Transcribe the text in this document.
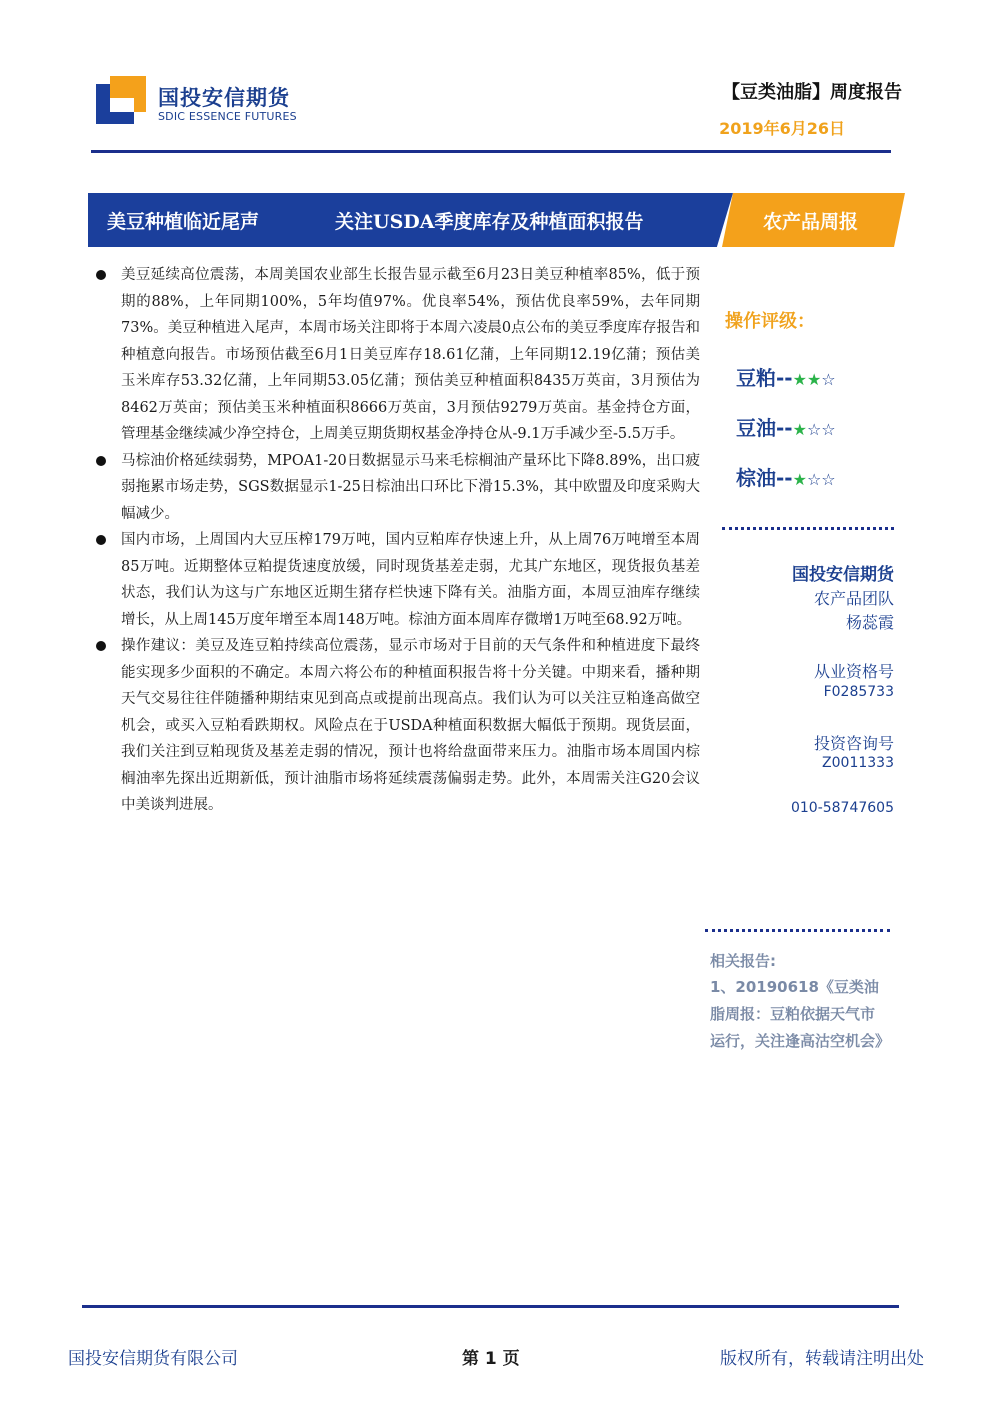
国投安信期货
SDIC ESSENCE FUTURES
【豆类油脂】周度报告
2019年6月26日
美豆种植临近尾声	关注USDA季度库存及种植面积报告	农产品周报
美豆延续高位震荡，本周美国农业部生长报告显示截至6月23日美豆种植率85%，低于预期的88%，上年同期100%，5年均值97%。优良率54%，预估优良率59%，去年同期73%。美豆种植进入尾声，本周市场关注即将于本周六凌晨0点公布的美豆季度库存报告和种植意向报告。市场预估截至6月1日美豆库存18.61亿蒲，上年同期12.19亿蒲；预估美玉米库存53.32亿蒲，上年同期53.05亿蒲；预估美豆种植面积8435万英亩，3月预估为8462万英亩；预估美玉米种植面积8666万英亩，3月预估9279万英亩。基金持仓方面，管理基金继续减少净空持仓，上周美豆期货期权基金净持仓从-9.1万手减少至-5.5万手。
马棕油价格延续弱势，MPOA1-20日数据显示马来毛棕榈油产量环比下降8.89%，出口疲弱拖累市场走势，SGS数据显示1-25日棕油出口环比下滑15.3%，其中欧盟及印度采购大幅减少。
国内市场，上周国内大豆压榨179万吨，国内豆粕库存快速上升，从上周76万吨增至本周85万吨。近期整体豆粕提货速度放缓，同时现货基差走弱，尤其广东地区，现货报负基差状态，我们认为这与广东地区近期生猪存栏快速下降有关。油脂方面，本周豆油库存继续增长，从上周145万度年增至本周148万吨。棕油方面本周库存微增1万吨至68.92万吨。
操作建议：美豆及连豆粕持续高位震荡，显示市场对于目前的天气条件和种植进度下最终能实现多少面积的不确定。本周六将公布的种植面积报告将十分关键。中期来看，播种期天气交易往往伴随播种期结束见到高点或提前出现高点。我们认为可以关注豆粕逢高做空机会，或买入豆粕看跌期权。风险点在于USDA种植面积数据大幅低于预期。现货层面，我们关注到豆粕现货及基差走弱的情况，预计也将给盘面带来压力。油脂市场本周国内棕榈油率先探出近期新低，预计油脂市场将延续震荡偏弱走势。此外，本周需关注G20会议中美谈判进展。
操作评级：
豆粕--★★☆
豆油--★☆☆
棕油--★☆☆
国投安信期货
农产品团队
杨蕊霞
从业资格号
F0285733
投资咨询号
Z0011333
010-58747605
相关报告:
1、20190618《豆类油脂周报：豆粕依据天气市运行，关注逢高沽空机会》
国投安信期货有限公司	第 1 页	版权所有，转载请注明出处
